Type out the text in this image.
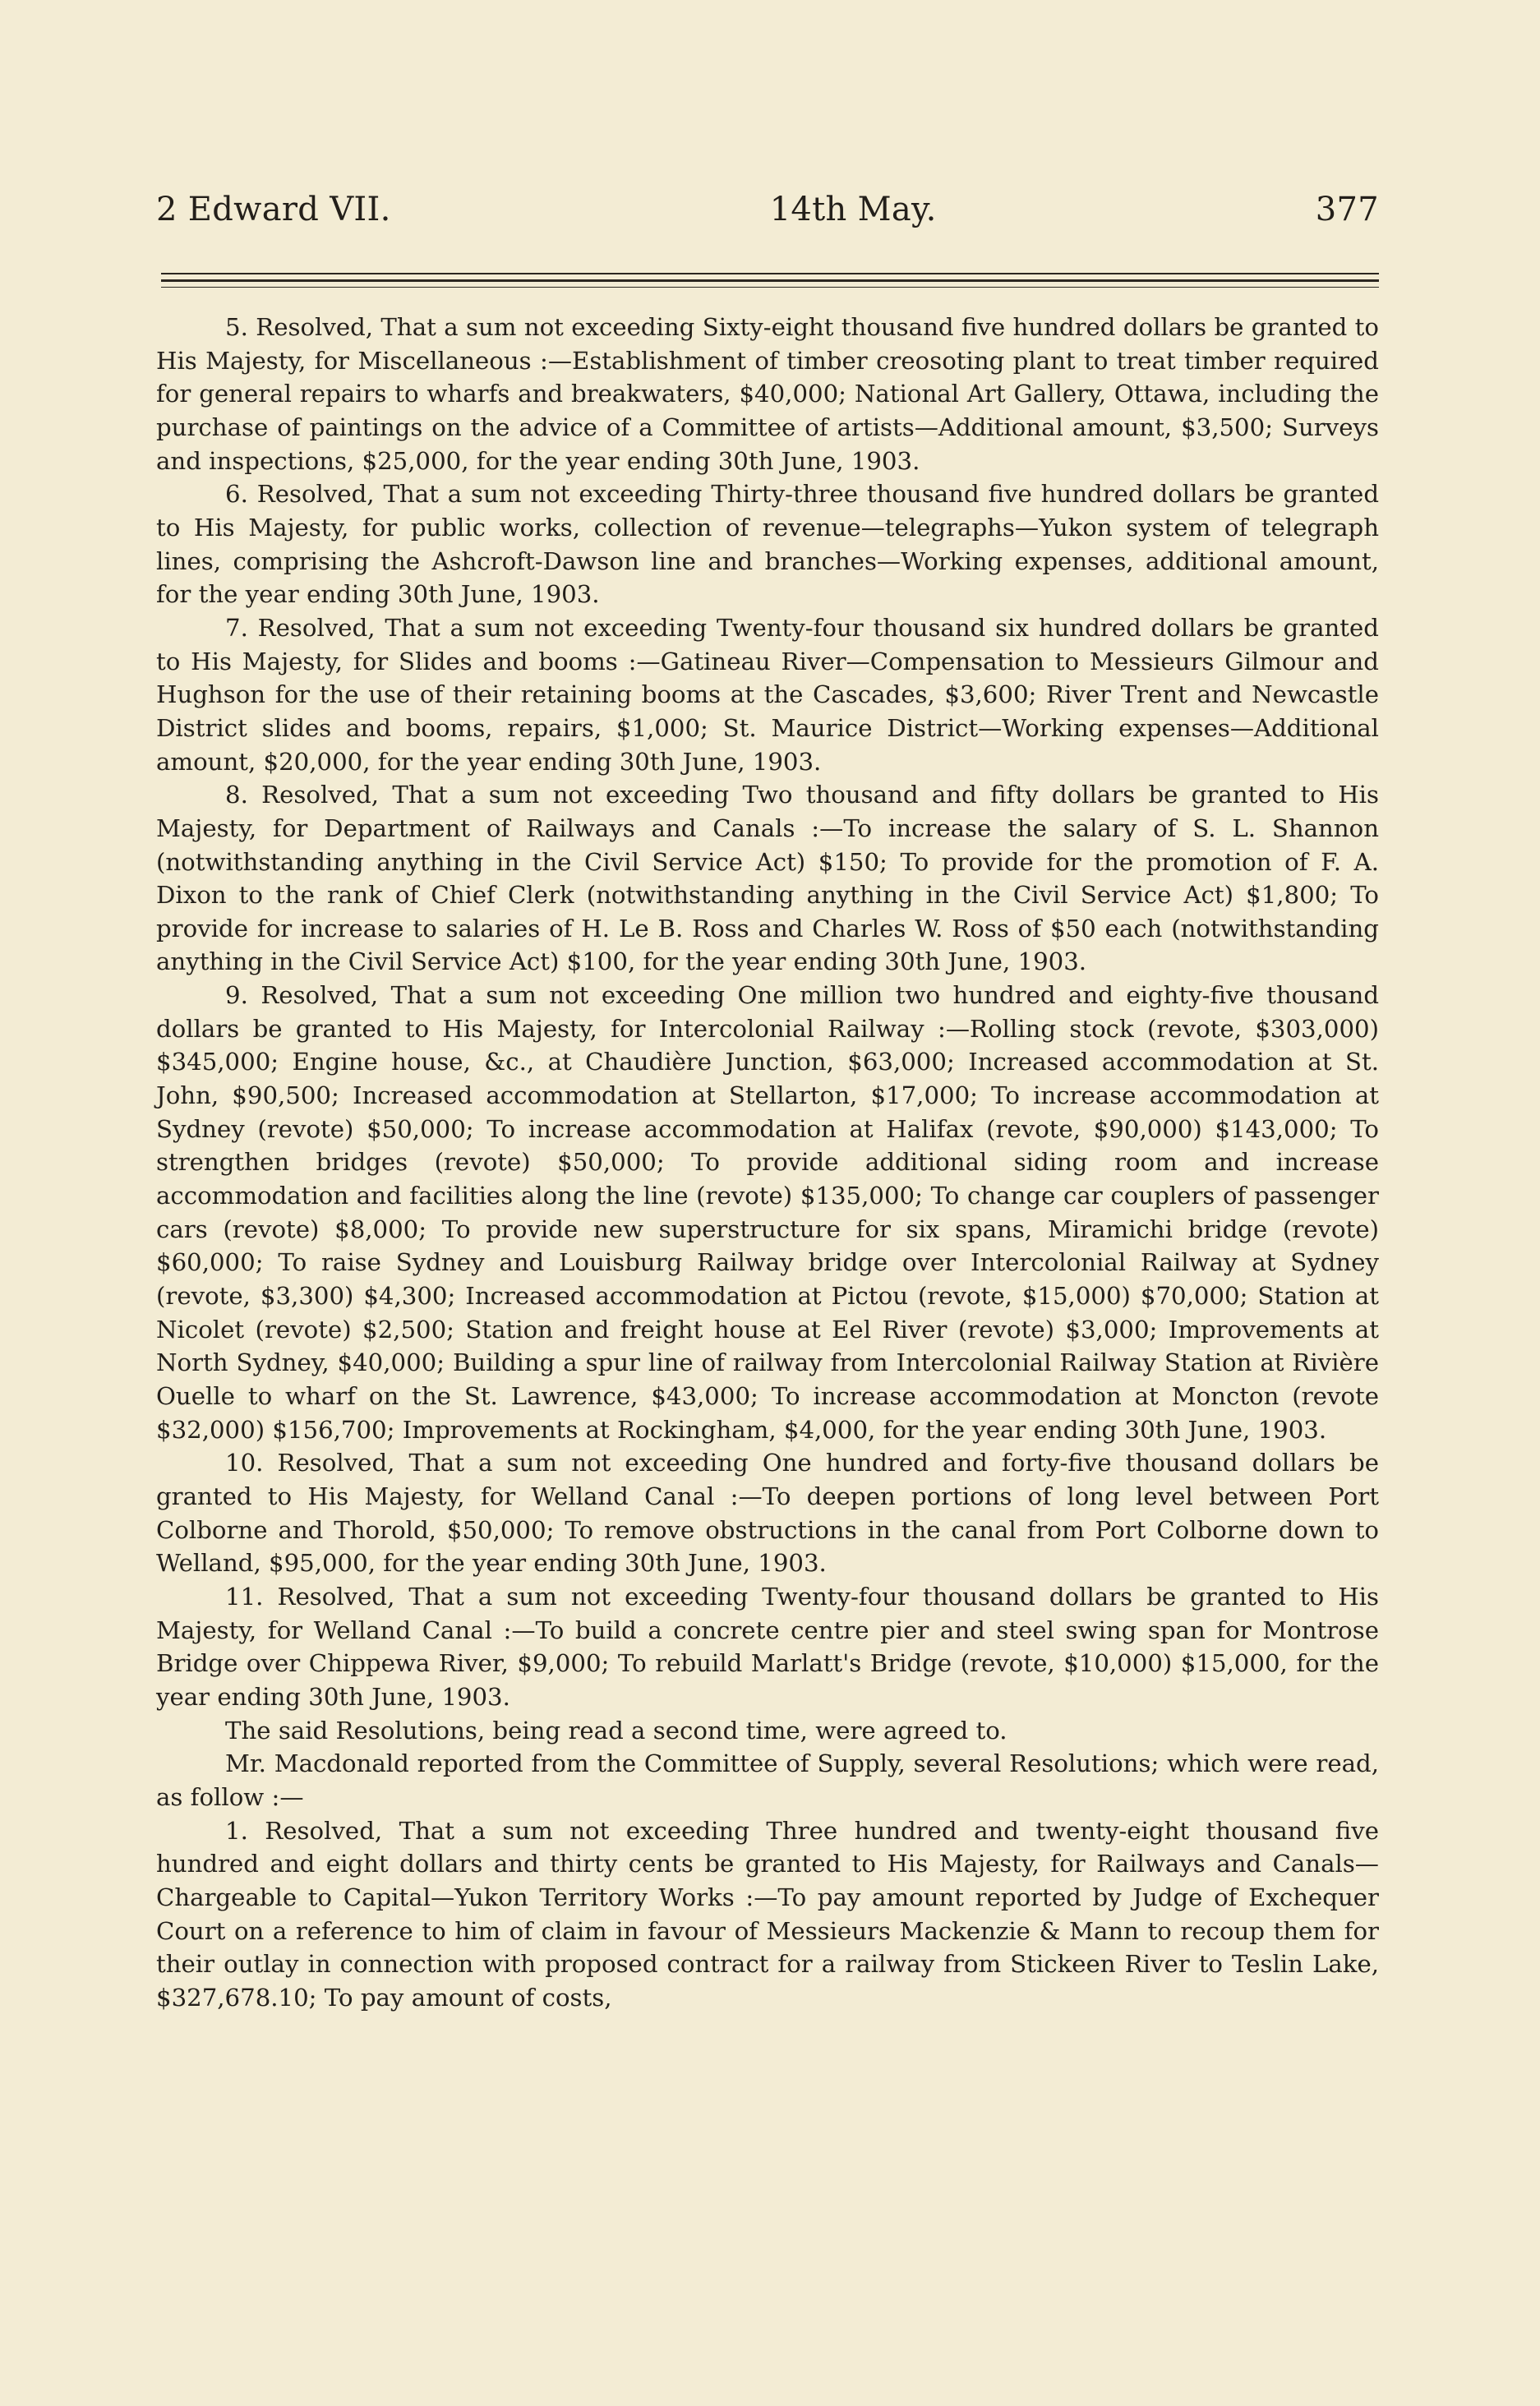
2 Edward VII.	14th May.	377

5. Resolved, That a sum not exceeding Sixty-eight thousand five hundred dollars be granted to His Majesty, for Miscellaneous :—Establishment of timber creosoting plant to treat timber required for general repairs to wharfs and breakwaters, $40,000; National Art Gallery, Ottawa, including the purchase of paintings on the advice of a Committee of artists—Additional amount, $3,500; Surveys and inspections, $25,000, for the year ending 30th June, 1903.

6. Resolved, That a sum not exceeding Thirty-three thousand five hundred dollars be granted to His Majesty, for public works, collection of revenue—telegraphs—Yukon system of telegraph lines, comprising the Ashcroft-Dawson line and branches—Working expenses, additional amount, for the year ending 30th June, 1903.

7. Resolved, That a sum not exceeding Twenty-four thousand six hundred dollars be granted to His Majesty, for Slides and booms :—Gatineau River—Compensation to Messieurs Gilmour and Hughson for the use of their retaining booms at the Cascades, $3,600; River Trent and Newcastle District slides and booms, repairs, $1,000; St. Maurice District—Working expenses—Additional amount, $20,000, for the year ending 30th June, 1903.

8. Resolved, That a sum not exceeding Two thousand and fifty dollars be granted to His Majesty, for Department of Railways and Canals :—To increase the salary of S. L. Shannon (notwithstanding anything in the Civil Service Act) $150; To provide for the promotion of F. A. Dixon to the rank of Chief Clerk (notwithstanding anything in the Civil Service Act) $1,800; To provide for increase to salaries of H. Le B. Ross and Charles W. Ross of $50 each (notwithstanding anything in the Civil Service Act) $100, for the year ending 30th June, 1903.

9. Resolved, That a sum not exceeding One million two hundred and eighty-five thousand dollars be granted to His Majesty, for Intercolonial Railway :—Rolling stock (revote, $303,000) $345,000; Engine house, &c., at Chaudière Junction, $63,000; Increased accommodation at St. John, $90,500; Increased accommodation at Stellarton, $17,000; To increase accommodation at Sydney (revote) $50,000; To increase accommodation at Halifax (revote, $90,000) $143,000; To strengthen bridges (revote) $50,000; To provide additional siding room and increase accommodation and facilities along the line (revote) $135,000; To change car couplers of passenger cars (revote) $8,000; To provide new superstructure for six spans, Miramichi bridge (revote) $60,000; To raise Sydney and Louisburg Railway bridge over Intercolonial Railway at Sydney (revote, $3,300) $4,300; Increased accommodation at Pictou (revote, $15,000) $70,000; Station at Nicolet (revote) $2,500; Station and freight house at Eel River (revote) $3,000; Improvements at North Sydney, $40,000; Building a spur line of railway from Intercolonial Railway Station at Rivière Ouelle to wharf on the St. Lawrence, $43,000; To increase accommodation at Moncton (revote $32,000) $156,700; Improvements at Rockingham, $4,000, for the year ending 30th June, 1903.

10. Resolved, That a sum not exceeding One hundred and forty-five thousand dollars be granted to His Majesty, for Welland Canal :—To deepen portions of long level between Port Colborne and Thorold, $50,000; To remove obstructions in the canal from Port Colborne down to Welland, $95,000, for the year ending 30th June, 1903.

11. Resolved, That a sum not exceeding Twenty-four thousand dollars be granted to His Majesty, for Welland Canal :—To build a concrete centre pier and steel swing span for Montrose Bridge over Chippewa River, $9,000; To rebuild Marlatt's Bridge (revote, $10,000) $15,000, for the year ending 30th June, 1903.

The said Resolutions, being read a second time, were agreed to.

Mr. Macdonald reported from the Committee of Supply, several Resolutions; which were read, as follow :—

1. Resolved, That a sum not exceeding Three hundred and twenty-eight thousand five hundred and eight dollars and thirty cents be granted to His Majesty, for Railways and Canals—Chargeable to Capital—Yukon Territory Works :—To pay amount reported by Judge of Exchequer Court on a reference to him of claim in favour of Messieurs Mackenzie & Mann to recoup them for their outlay in connection with proposed contract for a railway from Stickeen River to Teslin Lake, $327,678.10; To pay amount of costs,
